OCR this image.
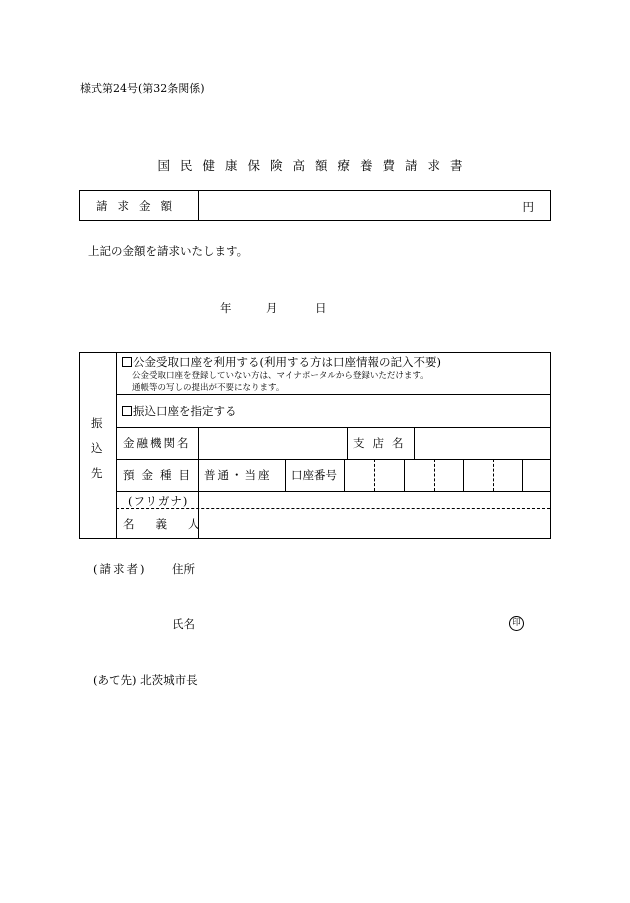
様式第24号(第32条関係)
国民健康保険高額療養費請求書
請求金額	円
上記の金額を請求いたします。
年	月	日
振
込
先
公金受取口座を利用する(利用する方は口座情報の記入不要)
公金受取口座を登録していない方は、マイナポータルから登録いただけます。
通帳等の写しの提出が不要になります。
振込口座を指定する
金融機関名	支店名
預金種目 普通・当座 口座番号
(フリガナ)
名義人
(請求者) 住所
氏名	印
(あて先) 北茨城市長
